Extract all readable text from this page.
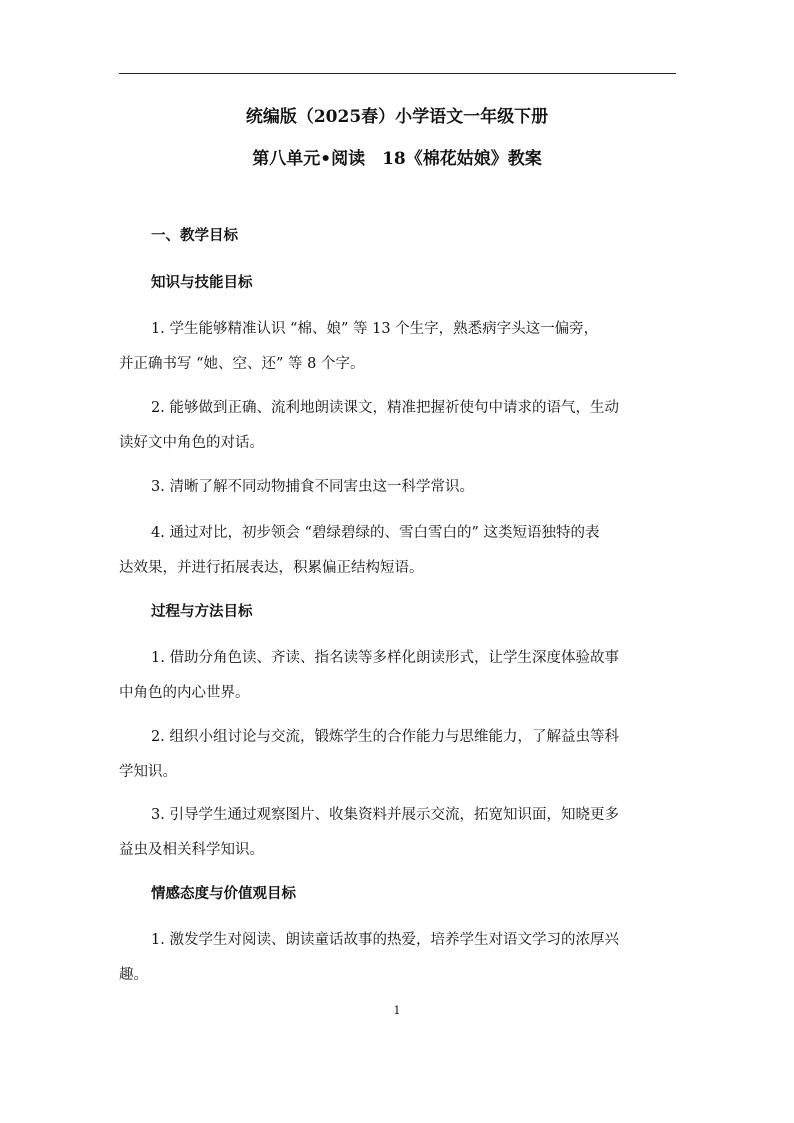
统编版（2025春）小学语文一年级下册
第八单元•阅读　18《棉花姑娘》教案
一、教学目标
知识与技能目标
1. 学生能够精准认识 “棉、娘” 等 13 个生字，熟悉病字头这一偏旁，
并正确书写 “她、空、还” 等 8 个字。
2. 能够做到正确、流利地朗读课文，精准把握祈使句中请求的语气，生动
读好文中角色的对话。
3. 清晰了解不同动物捕食不同害虫这一科学常识。
4. 通过对比，初步领会 “碧绿碧绿的、雪白雪白的” 这类短语独特的表
达效果，并进行拓展表达，积累偏正结构短语。
过程与方法目标
1. 借助分角色读、齐读、指名读等多样化朗读形式，让学生深度体验故事
中角色的内心世界。
2. 组织小组讨论与交流，锻炼学生的合作能力与思维能力，了解益虫等科
学知识。
3. 引导学生通过观察图片、收集资料并展示交流，拓宽知识面，知晓更多
益虫及相关科学知识。
情感态度与价值观目标
1. 激发学生对阅读、朗读童话故事的热爱，培养学生对语文学习的浓厚兴
趣。
1
